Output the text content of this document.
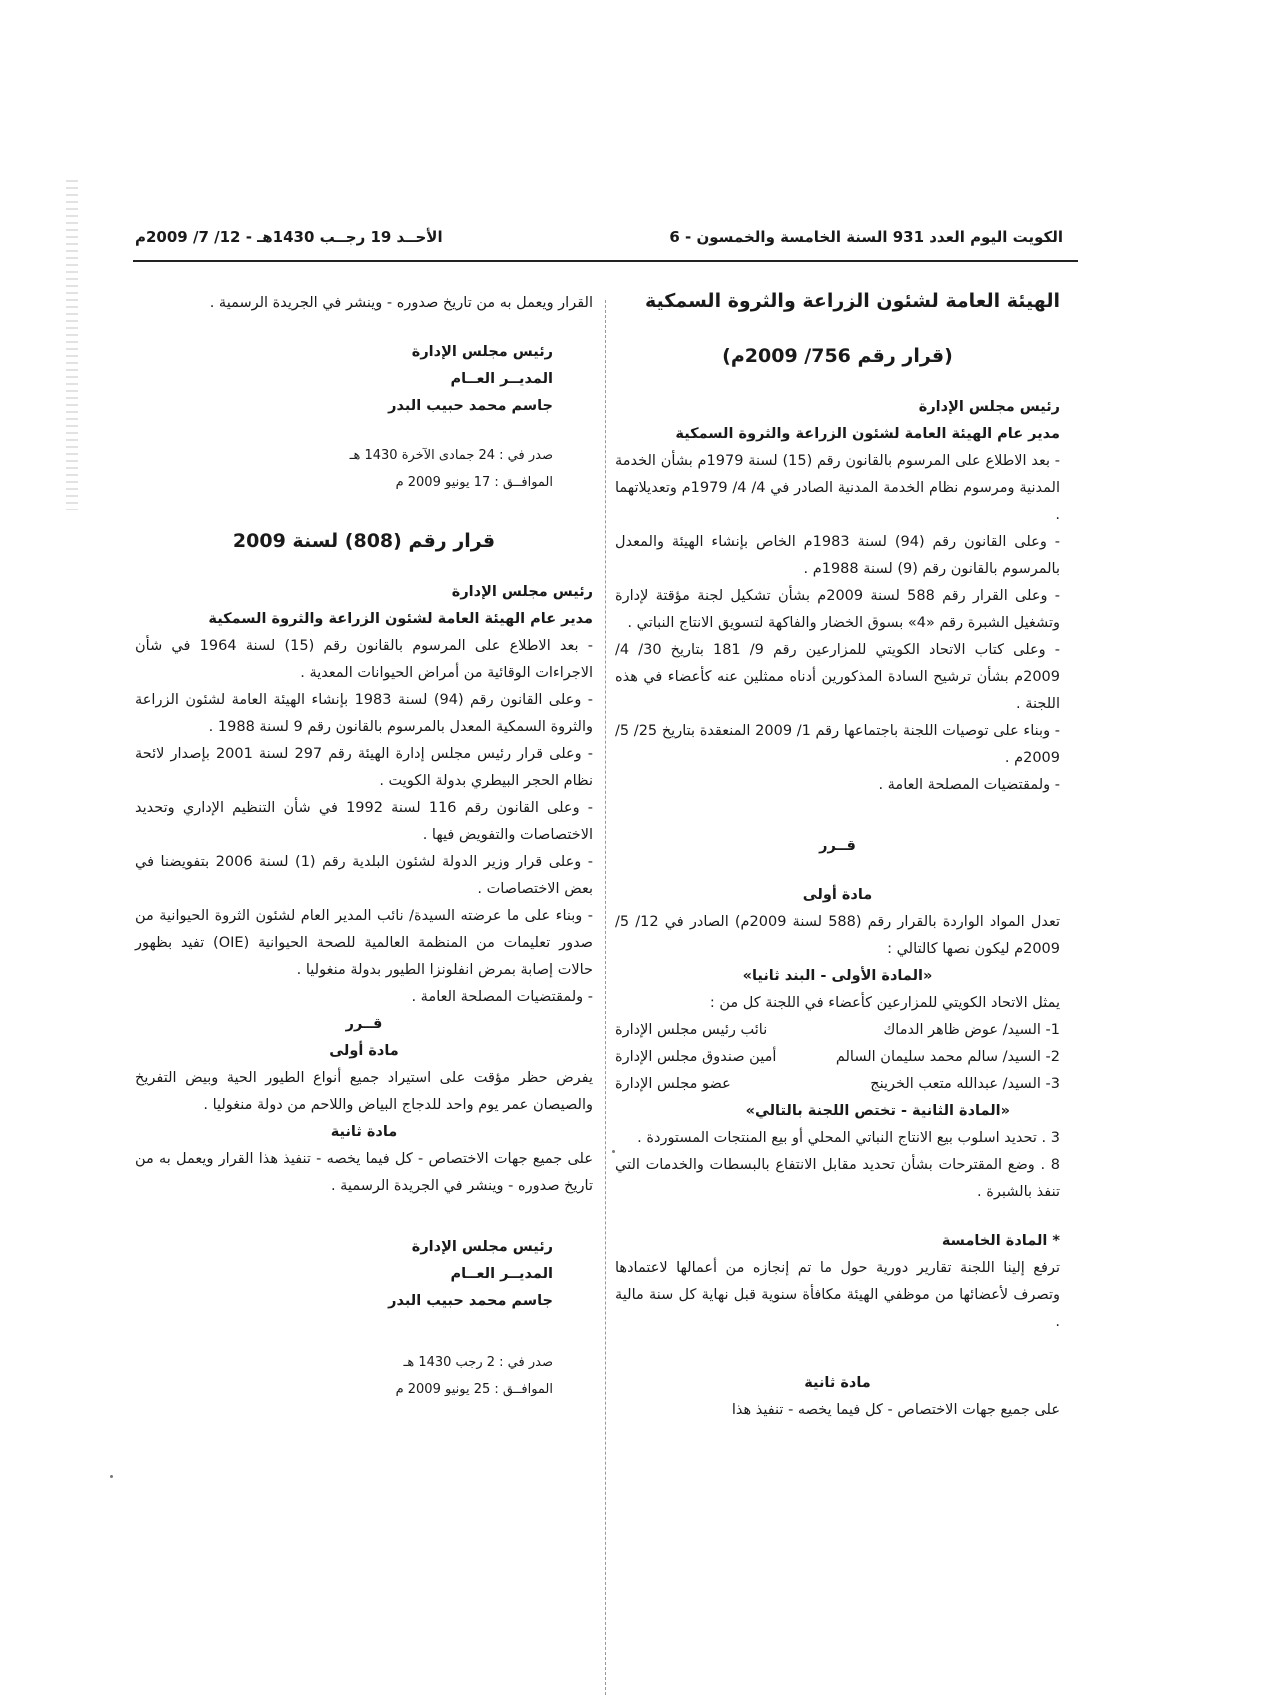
الكويت اليوم العدد 931 السنة الخامسة والخمسون - 6
الأحــد 19 رجــب 1430هـ - 12/ 7/ 2009م

الهيئة العامة لشئون الزراعة والثروة السمكية

(قرار رقم 756/ 2009م)

رئيس مجلس الإدارة

مدير عام الهيئة العامة لشئون الزراعة والثروة السمكية

- بعد الاطلاع على المرسوم بالقانون رقم (15) لسنة 1979م بشأن الخدمة المدنية ومرسوم نظام الخدمة المدنية الصادر في 4/ 4/ 1979م وتعديلاتهما .

- وعلى القانون رقم (94) لسنة 1983م الخاص بإنشاء الهيئة والمعدل بالمرسوم بالقانون رقم (9) لسنة 1988م .

- وعلى القرار رقم 588 لسنة 2009م بشأن تشكيل لجنة مؤقتة لإدارة وتشغيل الشبرة رقم «4» بسوق الخضار والفاكهة لتسويق الانتاج النباتي .

- وعلى كتاب الاتحاد الكويتي للمزارعين رقم 9/ 181 بتاريخ 30/ 4/ 2009م بشأن ترشيح السادة المذكورين أدناه ممثلين عنه كأعضاء في هذه اللجنة .

- وبناء على توصيات اللجنة باجتماعها رقم 1/ 2009 المنعقدة بتاريخ 25/ 5/ 2009م .

- ولمقتضيات المصلحة العامة .

قــرر

مادة أولى

تعدل المواد الواردة بالقرار رقم (588 لسنة 2009م) الصادر في 12/ 5/ 2009م ليكون نصها كالتالي :

«المادة الأولى - البند ثانيا»

يمثل الاتحاد الكويتي للمزارعين كأعضاء في اللجنة كل من :

1- السيد/ عوض ظاهر الدماك
نائب رئيس مجلس الإدارة
2- السيد/ سالم محمد سليمان السالم
أمين صندوق مجلس الإدارة
3- السيد/ عبدالله متعب الخرينج
عضو مجلس الإدارة

«المادة الثانية - تختص اللجنة بالتالي»

3 . تحديد اسلوب بيع الانتاج النباتي المحلي أو بيع المنتجات المستوردة .

8 . وضع المقترحات بشأن تحديد مقابل الانتفاع بالبسطات والخدمات التي تنفذ بالشبرة .

* المادة الخامسة

ترفع إلينا اللجنة تقارير دورية حول ما تم إنجازه من أعمالها لاعتمادها وتصرف لأعضائها من موظفي الهيئة مكافأة سنوية قبل نهاية كل سنة مالية .

مادة ثانية

على جميع جهات الاختصاص - كل فيما يخصه - تنفيذ هذا

القرار ويعمل به من تاريخ صدوره - وينشر في الجريدة الرسمية .

رئيس مجلس الإدارة

المديــر العــام

جاسم محمد حبيب البدر

صدر في : 24 جمادى الآخرة 1430 هـ

الموافــق : 17 يونيو 2009 م

قرار رقم (808) لسنة 2009

رئيس مجلس الإدارة

مدير عام الهيئة العامة لشئون الزراعة والثروة السمكية

- بعد الاطلاع على المرسوم بالقانون رقم (15) لسنة 1964 في شأن الاجراءات الوقائية من أمراض الحيوانات المعدية .

- وعلى القانون رقم (94) لسنة 1983 بإنشاء الهيئة العامة لشئون الزراعة والثروة السمكية المعدل بالمرسوم بالقانون رقم 9 لسنة 1988 .

- وعلى قرار رئيس مجلس إدارة الهيئة رقم 297 لسنة 2001 بإصدار لائحة نظام الحجر البيطري بدولة الكويت .

- وعلى القانون رقم 116 لسنة 1992 في شأن التنظيم الإداري وتحديد الاختصاصات والتفويض فيها .

- وعلى قرار وزير الدولة لشئون البلدية رقم (1) لسنة 2006 بتفويضنا في بعض الاختصاصات .

- وبناء على ما عرضته السيدة/ نائب المدير العام لشئون الثروة الحيوانية من صدور تعليمات من المنظمة العالمية للصحة الحيوانية (OIE) تفيد بظهور حالات إصابة بمرض انفلونزا الطيور بدولة منغوليا .

- ولمقتضيات المصلحة العامة .

قــرر

مادة أولى

يفرض حظر مؤقت على استيراد جميع أنواع الطيور الحية وبيض التفريخ والصيصان عمر يوم واحد للدجاج البياض واللاحم من دولة منغوليا .

مادة ثانية

على جميع جهات الاختصاص - كل فيما يخصه - تنفيذ هذا القرار ويعمل به من تاريخ صدوره - وينشر في الجريدة الرسمية .

رئيس مجلس الإدارة

المديــر العــام

جاسم محمد حبيب البدر

صدر في : 2 رجب 1430 هـ

الموافــق : 25 يونيو 2009 م
